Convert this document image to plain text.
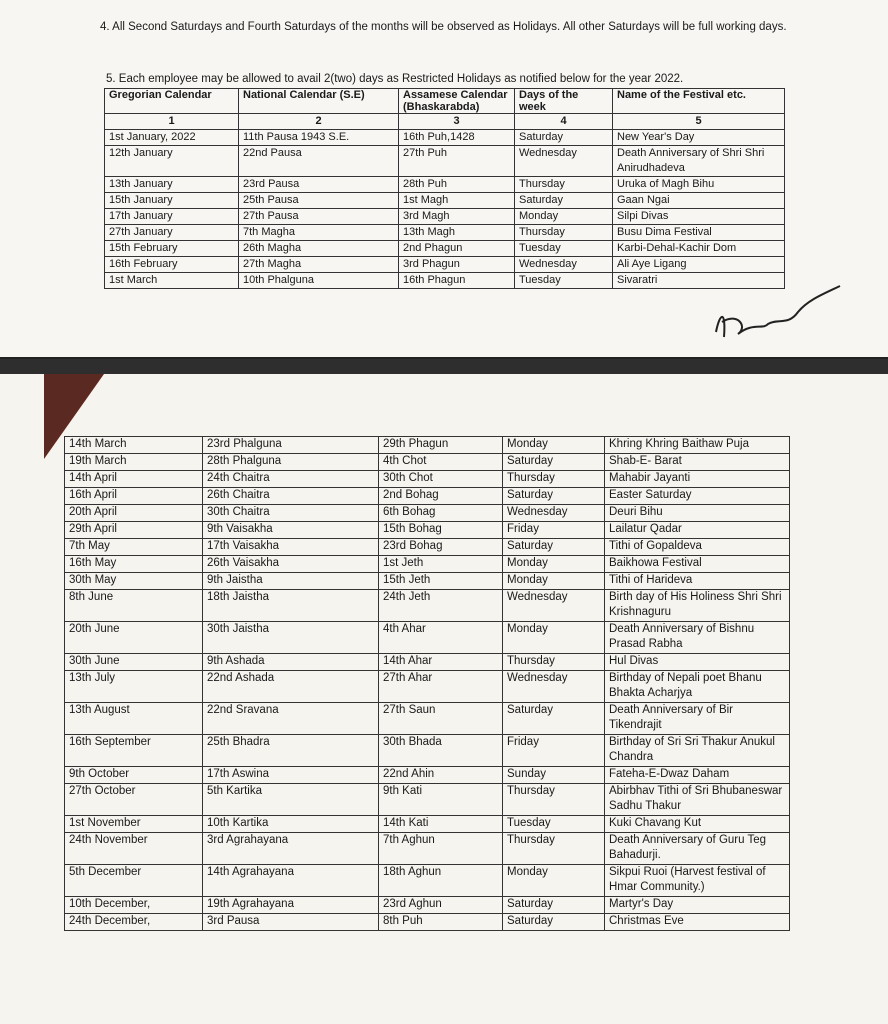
4. All Second Saturdays and Fourth Saturdays of the months will be observed as Holidays. All other Saturdays will be full working days.
5. Each employee may be allowed to avail 2(two) days as Restricted Holidays as notified below for the year 2022.
Gregorian Calendar	National Calendar (S.E)	Assamese Calendar (Bhaskarabda)	Days of the week	Name of the Festival etc.
1	2	3	4	5
1st January, 2022	11th Pausa 1943 S.E.	16th Puh,1428	Saturday	New Year's Day
12th January	22nd Pausa	27th Puh	Wednesday	Death Anniversary of Shri Shri Anirudhadeva
13th January	23rd Pausa	28th Puh	Thursday	Uruka of Magh Bihu
15th January	25th Pausa	1st Magh	Saturday	Gaan Ngai
17th January	27th Pausa	3rd Magh	Monday	Silpi Divas
27th January	7th Magha	13th Magh	Thursday	Busu Dima Festival
15th February	26th Magha	2nd Phagun	Tuesday	Karbi-Dehal-Kachir Dom
16th February	27th Magha	3rd Phagun	Wednesday	Ali Aye Ligang
1st March	10th Phalguna	16th Phagun	Tuesday	Sivaratri
14th March	23rd Phalguna	29th Phagun	Monday	Khring Khring Baithaw Puja
19th March	28th Phalguna	4th Chot	Saturday	Shab-E- Barat
14th April	24th Chaitra	30th Chot	Thursday	Mahabir Jayanti
16th April	26th Chaitra	2nd Bohag	Saturday	Easter Saturday
20th April	30th Chaitra	6th Bohag	Wednesday	Deuri Bihu
29th April	9th Vaisakha	15th Bohag	Friday	Lailatur Qadar
7th May	17th Vaisakha	23rd Bohag	Saturday	Tithi of Gopaldeva
16th May	26th Vaisakha	1st Jeth	Monday	Baikhowa Festival
30th May	9th Jaistha	15th Jeth	Monday	Tithi of Harideva
8th June	18th Jaistha	24th Jeth	Wednesday	Birth day of His Holiness Shri Shri Krishnaguru
20th June	30th Jaistha	4th Ahar	Monday	Death Anniversary of Bishnu Prasad Rabha
30th June	9th Ashada	14th Ahar	Thursday	Hul Divas
13th July	22nd Ashada	27th Ahar	Wednesday	Birthday of Nepali poet Bhanu Bhakta Acharjya
13th August	22nd Sravana	27th Saun	Saturday	Death Anniversary of Bir Tikendrajit
16th September	25th Bhadra	30th Bhada	Friday	Birthday of Sri Sri Thakur Anukul Chandra
9th October	17th Aswina	22nd Ahin	Sunday	Fateha-E-Dwaz Daham
27th October	5th Kartika	9th Kati	Thursday	Abirbhav Tithi of Sri Bhubaneswar Sadhu Thakur
1st November	10th Kartika	14th Kati	Tuesday	Kuki Chavang Kut
24th November	3rd Agrahayana	7th Aghun	Thursday	Death Anniversary of Guru Teg Bahadurji.
5th December	14th Agrahayana	18th Aghun	Monday	Sikpui Ruoi (Harvest festival of Hmar Community.)
10th December,	19th Agrahayana	23rd Aghun	Saturday	Martyr's Day
24th December,	3rd Pausa	8th Puh	Saturday	Christmas Eve
